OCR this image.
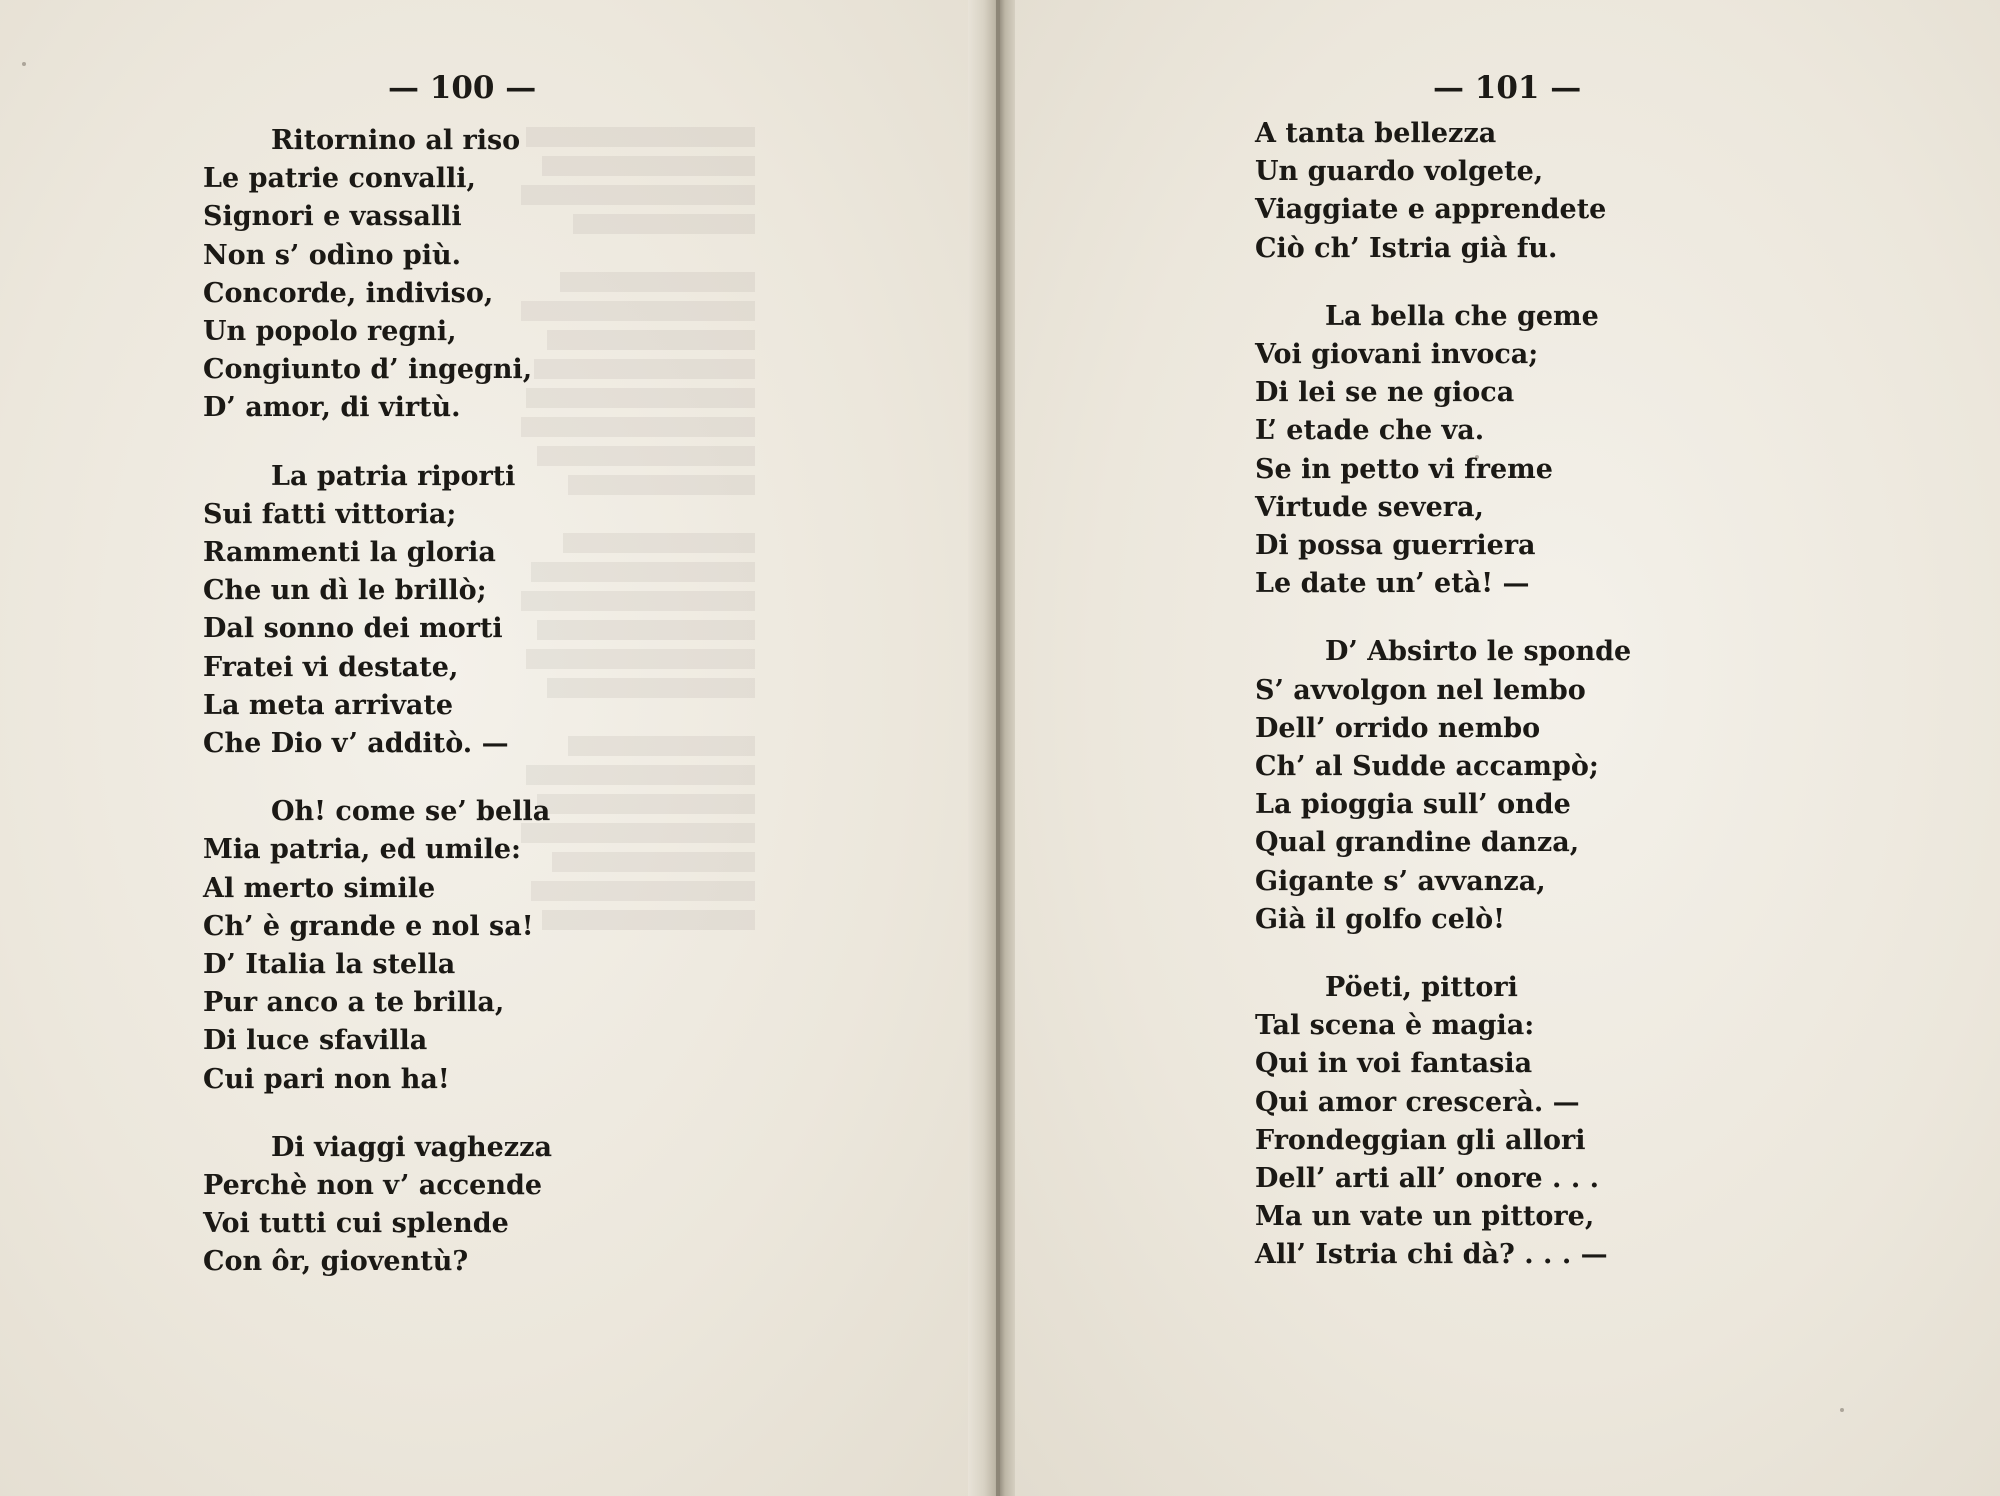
— 100 —
Ritornino al riso
Le patrie convalli,
Signori e vassalli
Non s’ odìno più.
Concorde, indiviso,
Un popolo regni,
Congiunto d’ ingegni,
D’ amor, di virtù.
La patria riporti
Sui fatti vittoria;
Rammenti la gloria
Che un dì le brillò;
Dal sonno dei morti
Fratei vi destate,
La meta arrivate
Che Dio v’ additò. —
Oh! come se’ bella
Mia patria, ed umile:
Al merto simile
Ch’ è grande e nol sa!
D’ Italia la stella
Pur anco a te brilla,
Di luce sfavilla
Cui pari non ha!
Di viaggi vaghezza
Perchè non v’ accende
Voi tutti cui splende
Con ôr, gioventù?
— 101 —
A tanta bellezza
Un guardo volgete,
Viaggiate e apprendete
Ciò ch’ Istria già fu.
La bella che geme
Voi giovani invoca;
Di lei se ne gioca
L’ etade che va.
Se in petto vi freme
Virtude severa,
Di possa guerriera
Le date un’ età! —
D’ Absirto le sponde
S’ avvolgon nel lembo
Dell’ orrido nembo
Ch’ al Sudde accampò;
La pioggia sull’ onde
Qual grandine danza,
Gigante s’ avvanza,
Già il golfo celò!
Pöeti, pittori
Tal scena è magia:
Qui in voi fantasia
Qui amor crescerà. —
Frondeggian gli allori
Dell’ arti all’ onore . . .
Ma un vate un pittore,
All’ Istria chi dà? . . . —
